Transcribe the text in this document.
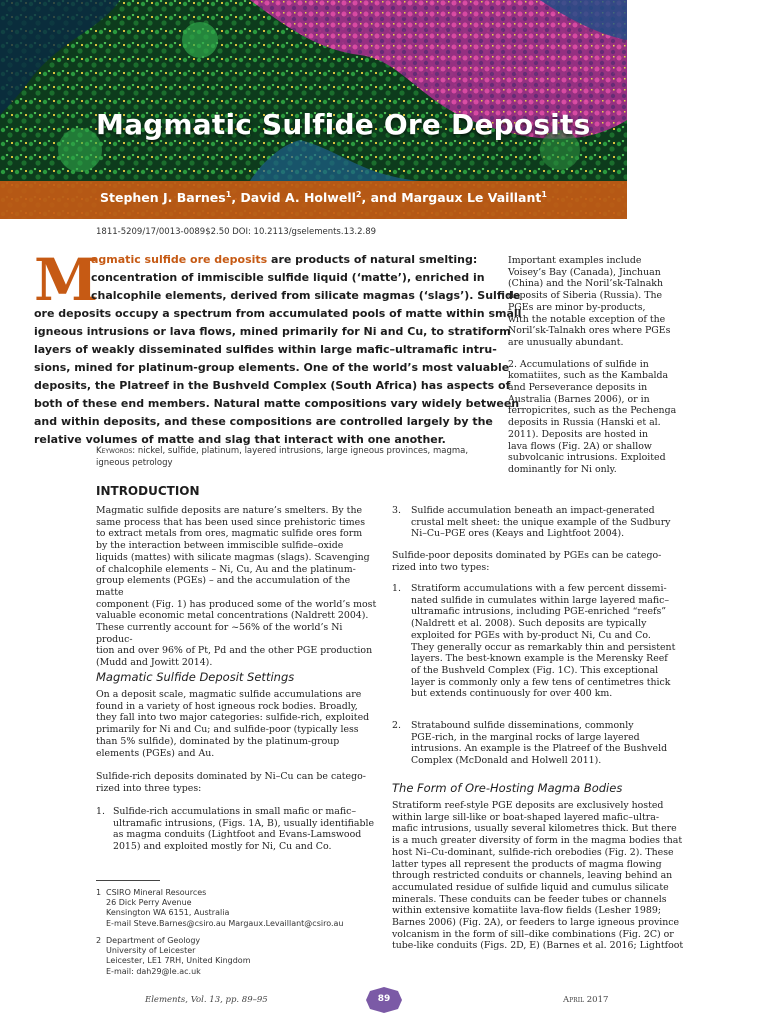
Magmatic Sulfide Ore Deposits
Stephen J. Barnes$^1$, David A. Holwell$^2$, and Margaux Le Vaillant$^1$
1811-5209/17/0013-0089$2.50 DOI: 10.2113/gselements.13.2.89
M
agmatic sulfide ore deposits are products of natural smelting:
concentration of immiscible sulfide liquid (‘matte’), enriched in
chalcophile elements, derived from silicate magmas (‘slags’). Sulfide
ore deposits occupy a spectrum from accumulated pools of matte within small
igneous intrusions or lava flows, mined primarily for Ni and Cu, to stratiform
layers of weakly disseminated sulfides within large mafic–ultramafic intru-
sions, mined for platinum-group elements. One of the world’s most valuable
deposits, the Platreef in the Bushveld Complex (South Africa) has aspects of
both of these end members. Natural matte compositions vary widely between
and within deposits, and these compositions are controlled largely by the
relative volumes of matte and slag that interact with one another.
Keywords: nickel, sulfide, platinum, layered intrusions, large igneous provinces, magma, igneous petrology

Important examples include

Voisey’s Bay (Canada), Jinchuan

(China) and the Noril’sk-Talnakh

deposits of Siberia (Russia). The

PGEs are minor by-products,

with the notable exception of the

Noril’sk-Talnakh ores where PGEs

are unusually abundant.

2. Accumulations of sulfide in

komatiites, such as the Kambalda

and Perseverance deposits in

Australia (Barnes 2006), or in

ferropicrites, such as the Pechenga

deposits in Russia (Hanski et al.

2011). Deposits are hosted in

lava flows (Fig. 2A) or shallow

subvolcanic intrusions. Exploited

dominantly for Ni only.

INTRODUCTION

Magmatic sulfide deposits are nature’s smelters. By the

same process that has been used since prehistoric times

to extract metals from ores, magmatic sulfide ores form

by the interaction between immiscible sulfide–oxide

liquids (mattes) with silicate magmas (slags). Scavenging

of chalcophile elements – Ni, Cu, Au and the platinum-

group elements (PGEs) – and the accumulation of the matte

component (Fig. 1) has produced some of the world’s most

valuable economic metal concentrations (Naldrett 2004).

These currently account for ~56% of the world’s Ni produc-

tion and over 96% of Pt, Pd and the other PGE production

(Mudd and Jowitt 2014).

Magmatic Sulfide Deposit Settings

On a deposit scale, magmatic sulfide accumulations are

found in a variety of host igneous rock bodies. Broadly,

they fall into two major categories: sulfide-rich, exploited

primarily for Ni and Cu; and sulfide-poor (typically less

than 5% sulfide), dominated by the platinum-group

elements (PGEs) and Au.

Sulfide-rich deposits dominated by Ni–Cu can be catego-

rized into three types:

1. Sulfide-rich accumulations in small mafic or mafic–

ultramafic intrusions, (Figs. 1A, B), usually identifiable

as magma conduits (Lightfoot and Evans-Lamswood

2015) and exploited mostly for Ni, Cu and Co.

1 CSIRO Mineral Resources
26 Dick Perry Avenue
Kensington WA 6151, Australia
E-mail Steve.Barnes@csiro.au Margaux.Levaillant@csiro.au
2 Department of Geology
University of Leicester
Leicester, LE1 7RH, United Kingdom
E-mail: dah29@le.ac.uk
3.	Sulfide accumulation beneath an impact-generated

crustal melt sheet: the unique example of the Sudbury

Ni–Cu–PGE ores (Keays and Lightfoot 2004).

Sulfide-poor deposits dominated by PGEs can be catego-

rized into two types:

1.	Stratiform accumulations with a few percent dissemi-

nated sulfide in cumulates within large layered mafic–

ultramafic intrusions, including PGE-enriched “reefs”

(Naldrett et al. 2008). Such deposits are typically

exploited for PGEs with by-product Ni, Cu and Co.

They generally occur as remarkably thin and persistent

layers. The best-known example is the Merensky Reef

of the Bushveld Complex (Fig. 1C). This exceptional

layer is commonly only a few tens of centimetres thick

but extends continuously for over 400 km.

2.	Stratabound sulfide disseminations, commonly

PGE-rich, in the marginal rocks of large layered

intrusions. An example is the Platreef of the Bushveld

Complex (McDonald and Holwell 2011).

The Form of Ore-Hosting Magma Bodies

Stratiform reef-style PGE deposits are exclusively hosted

within large sill-like or boat-shaped layered mafic–ultra-

mafic intrusions, usually several kilometres thick. But there

is a much greater diversity of form in the magma bodies that

host Ni–Cu-dominant, sulfide-rich orebodies (Fig. 2). These

latter types all represent the products of magma flowing

through restricted conduits or channels, leaving behind an

accumulated residue of sulfide liquid and cumulus silicate

minerals. These conduits can be feeder tubes or channels

within extensive komatiite lava-flow fields (Lesher 1989;

Barnes 2006) (Fig. 2A), or feeders to large igneous province

volcanism in the form of sill–dike combinations (Fig. 2C) or

tube-like conduits (Figs. 2D, E) (Barnes et al. 2016; Lightfoot

Elements, Vol. 13, pp. 89–95	89	April 2017
